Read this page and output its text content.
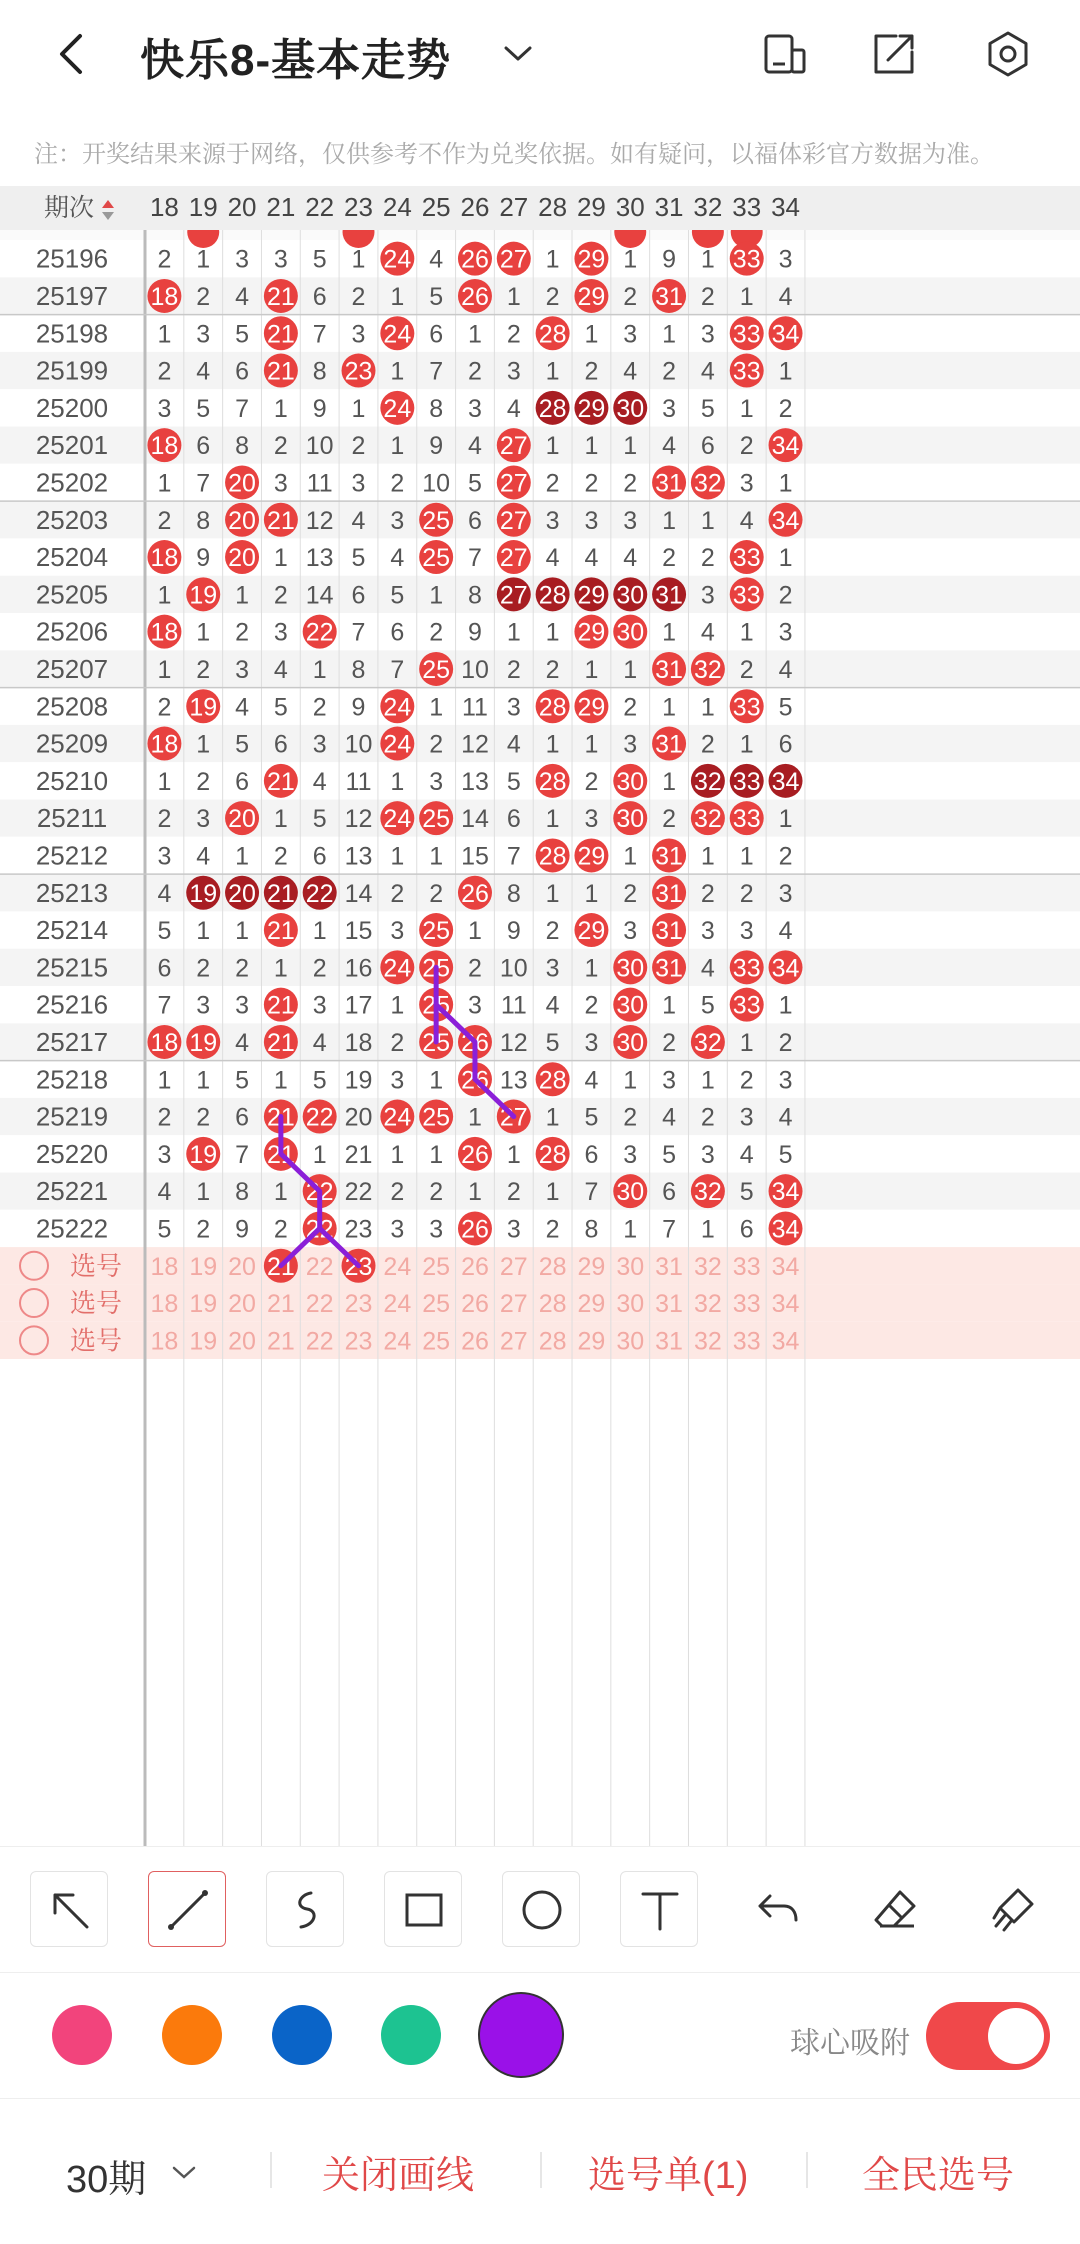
快乐8-基本走势
注：开奖结果来源于网络，仅供参考不作为兑奖依据。如有疑问，以福体彩官方数据为准。
期次 18 19 20 21 22 23 24 25 26 27 28 29 30 31 32 33 34
25196 2 1 3 3 5 1 24 4 26 27 1 29 1 9 1 33 3
25197 18 2 4 21 6 2 1 5 26 1 2 29 2 31 2 1 4
25198 1 3 5 21 7 3 24 6 1 2 28 1 3 1 3 33 34
25199 2 4 6 21 8 23 1 7 2 3 1 2 4 2 4 33 1
25200 3 5 7 1 9 1 24 8 3 4 28 29 30 3 5 1 2
25201 18 6 8 2 10 2 1 9 4 27 1 1 1 4 6 2 34
25202 1 7 20 3 11 3 2 10 5 27 2 2 2 31 32 3 1
25203 2 8 20 21 12 4 3 25 6 27 3 3 3 1 1 4 34
25204 18 9 20 1 13 5 4 25 7 27 4 4 4 2 2 33 1
25205 1 19 1 2 14 6 5 1 8 27 28 29 30 31 3 33 2
25206 18 1 2 3 22 7 6 2 9 1 1 29 30 1 4 1 3
25207 1 2 3 4 1 8 7 25 10 2 2 1 1 31 32 2 4
25208 2 19 4 5 2 9 24 1 11 3 28 29 2 1 1 33 5
25209 18 1 5 6 3 10 24 2 12 4 1 1 3 31 2 1 6
25210 1 2 6 21 4 11 1 3 13 5 28 2 30 1 32 33 34
25211 2 3 20 1 5 12 24 25 14 6 1 3 30 2 32 33 1
25212 3 4 1 2 6 13 1 1 15 7 28 29 1 31 1 1 2
25213 4 19 20 21 22 14 2 2 26 8 1 1 2 31 2 2 3
25214 5 1 1 21 1 15 3 25 1 9 2 29 3 31 3 3 4
25215 6 2 2 1 2 16 24 25 2 10 3 1 30 31 4 33 34
25216 7 3 3 21 3 17 1 25 3 11 4 2 30 1 5 33 1
25217 18 19 4 21 4 18 2 25 26 12 5 3 30 2 32 1 2
25218 1 1 5 1 5 19 3 1 26 13 28 4 1 3 1 2 3
25219 2 2 6 21 22 20 24 25 1 27 1 5 2 4 2 3 4
25220 3 19 7 21 1 21 1 1 26 1 28 6 3 5 3 4 5
25221 4 1 8 1 22 22 2 2 1 2 1 7 30 6 32 5 34
25222 5 2 9 2 22 23 3 3 26 3 2 8 1 7 1 6 34
选号 18 19 20 21 22 23 24 25 26 27 28 29 30 31 32 33 34
选号 18 19 20 21 22 23 24 25 26 27 28 29 30 31 32 33 34
选号 18 19 20 21 22 23 24 25 26 27 28 29 30 31 32 33 34
球心吸附
30期	关闭画线	选号单(1)	全民选号
